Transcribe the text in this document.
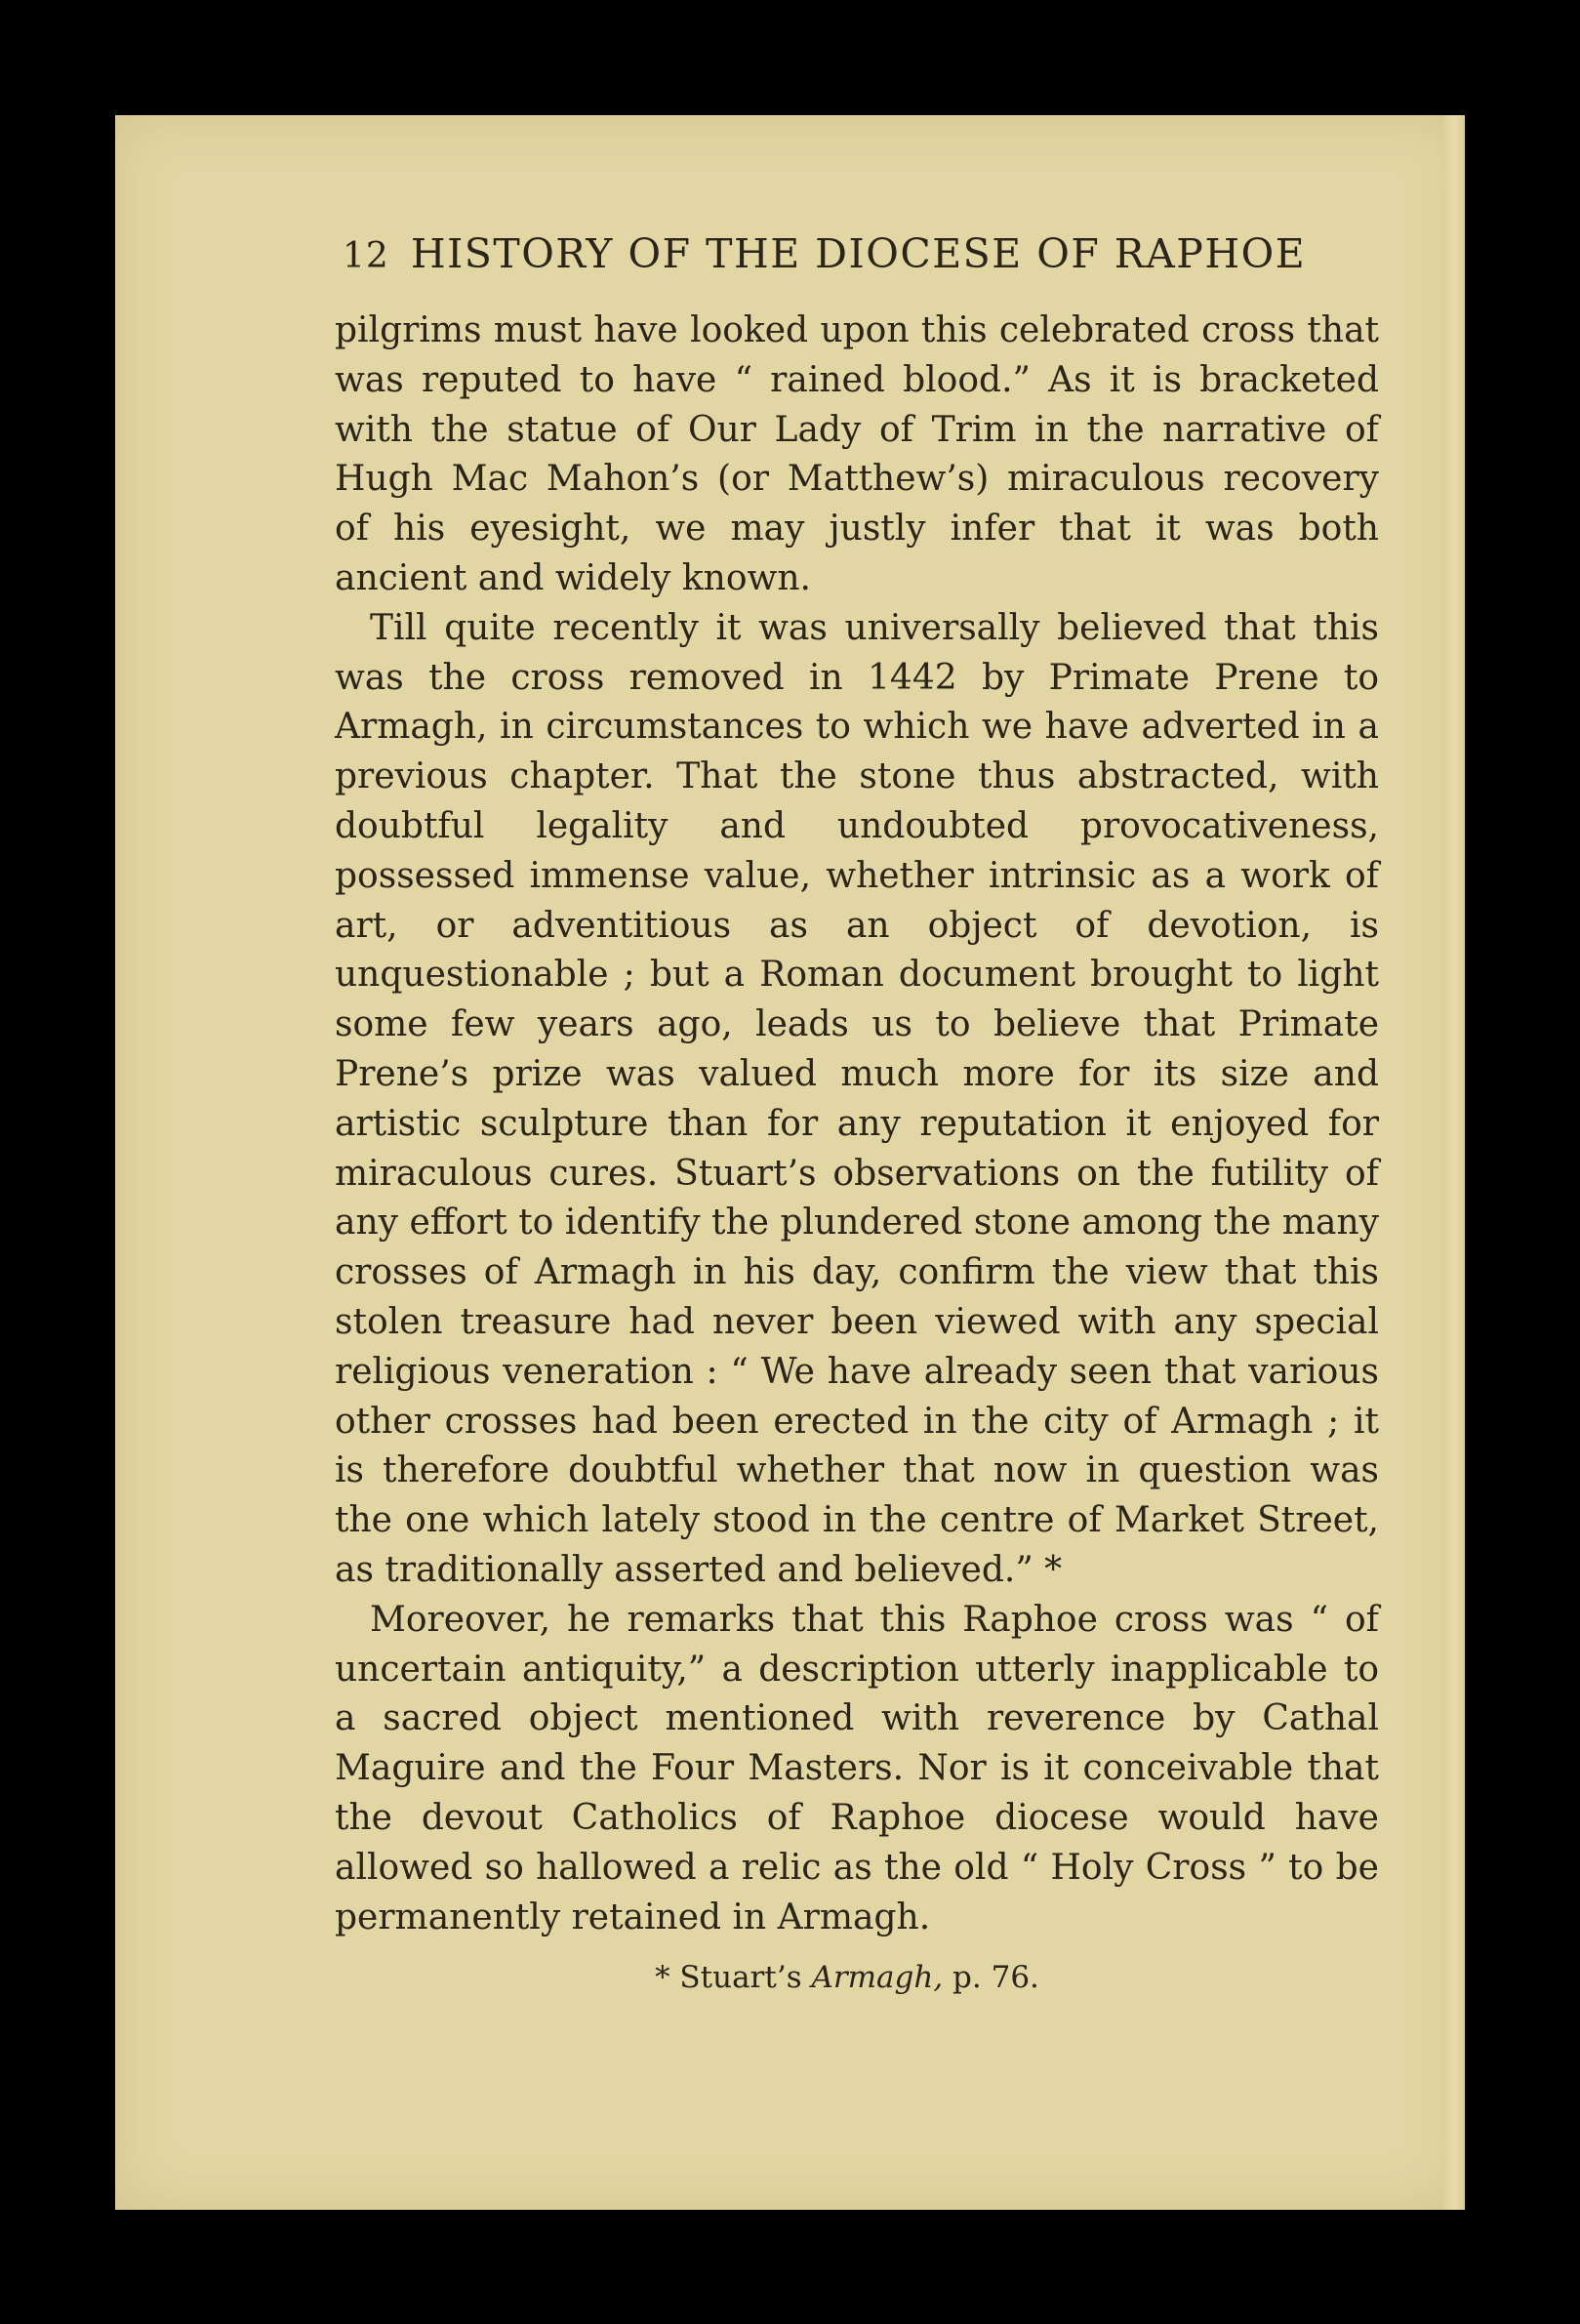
12 HISTORY OF THE DIOCESE OF RAPHOE

pilgrims must have looked upon this celebrated cross that was reputed to have “ rained blood.” As it is bracketed with the statue of Our Lady of Trim in the narrative of Hugh Mac Mahon’s (or Matthew’s) miraculous recovery of his eyesight, we may justly infer that it was both ancient and widely known.

Till quite recently it was universally believed that this was the cross removed in 1442 by Primate Prene to Armagh, in circumstances to which we have adverted in a previous chapter. That the stone thus abstracted, with doubtful legality and undoubted provocativeness, possessed immense value, whether intrinsic as a work of art, or adventitious as an object of devotion, is unquestionable ; but a Roman document brought to light some few years ago, leads us to believe that Primate Prene’s prize was valued much more for its size and artistic sculpture than for any reputation it enjoyed for miraculous cures. Stuart’s observations on the futility of any effort to identify the plundered stone among the many crosses of Armagh in his day, confirm the view that this stolen treasure had never been viewed with any special religious veneration : “ We have already seen that various other crosses had been erected in the city of Armagh ; it is therefore doubtful whether that now in question was the one which lately stood in the centre of Market Street, as traditionally asserted and believed.” *

Moreover, he remarks that this Raphoe cross was “ of uncertain antiquity,” a description utterly inapplicable to a sacred object mentioned with reverence by Cathal Maguire and the Four Masters. Nor is it conceivable that the devout Catholics of Raphoe diocese would have allowed so hallowed a relic as the old “ Holy Cross ” to be permanently retained in Armagh.

* Stuart’s Armagh, p. 76.
